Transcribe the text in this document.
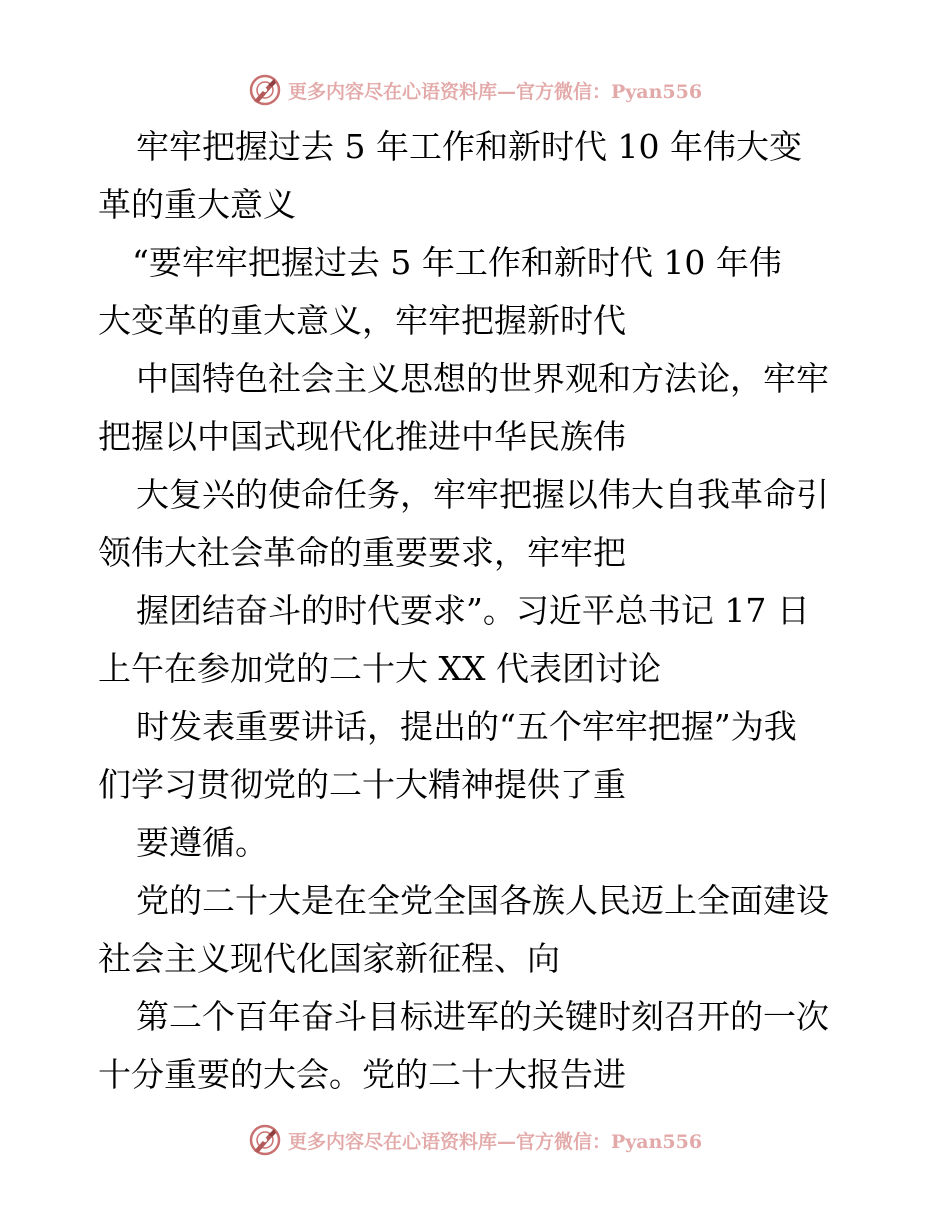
更多内容尽在心语资料库—官方微信：Pyan556
牢牢把握过去 5 年工作和新时代 10 年伟大变
革的重大意义
“要牢牢把握过去 5 年工作和新时代 10 年伟
大变革的重大意义，牢牢把握新时代
中国特色社会主义思想的世界观和方法论，牢牢
把握以中国式现代化推进中华民族伟
大复兴的使命任务，牢牢把握以伟大自我革命引
领伟大社会革命的重要要求，牢牢把
握团结奋斗的时代要求”。习近平总书记 17 日
上午在参加党的二十大 XX 代表团讨论
时发表重要讲话，提出的“五个牢牢把握”为我
们学习贯彻党的二十大精神提供了重
要遵循。
党的二十大是在全党全国各族人民迈上全面建设
社会主义现代化国家新征程、向
第二个百年奋斗目标进军的关键时刻召开的一次
十分重要的大会。党的二十大报告进
更多内容尽在心语资料库—官方微信：Pyan556
